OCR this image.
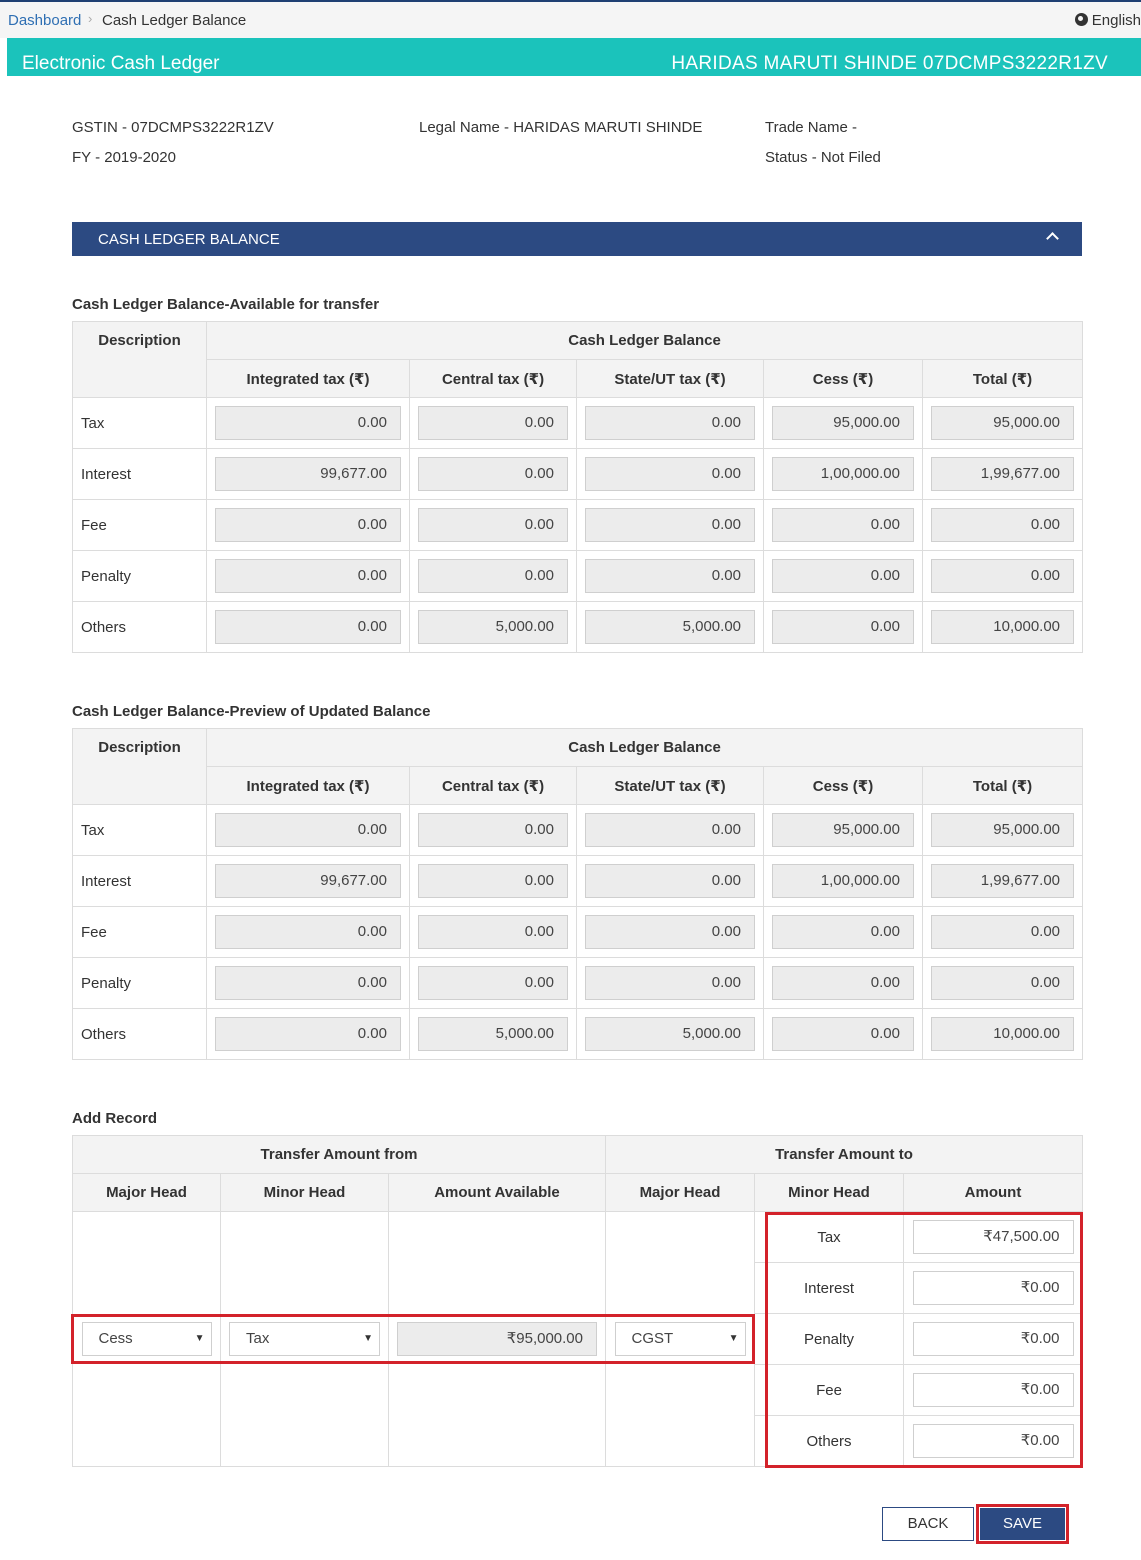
Dashboard › Cash Ledger Balance	English
Electronic Cash Ledger	HARIDAS MARUTI SHINDE 07DCMPS3222R1ZV
GSTIN - 07DCMPS3222R1ZV
FY - 2019-2020
Legal Name - HARIDAS MARUTI SHINDE	Trade Name -
Status - Not Filed
CASH LEDGER BALANCE
Cash Ledger Balance-Available for transfer
Description	Cash Ledger Balance				
	Integrated tax (₹)	Central tax (₹)	State/UT tax (₹)	Cess (₹)	Total (₹)
Tax	0.00	0.00	0.00	95,000.00	95,000.00

Interest	99,677.00	0.00	0.00	1,00,000.00	1,99,677.00

Fee	0.00	0.00	0.00	0.00	0.00

Penalty	0.00	0.00	0.00	0.00	0.00

Others	0.00	5,000.00	5,000.00	0.00	10,000.00
Cash Ledger Balance-Preview of Updated Balance
Description	Cash Ledger Balance				
	Integrated tax (₹)	Central tax (₹)	State/UT tax (₹)	Cess (₹)	Total (₹)
Tax	0.00	0.00	0.00	95,000.00	95,000.00

Interest	99,677.00	0.00	0.00	1,00,000.00	1,99,677.00

Fee	0.00	0.00	0.00	0.00	0.00

Penalty	0.00	0.00	0.00	0.00	0.00

Others	0.00	5,000.00	5,000.00	0.00	10,000.00
Add Record
Transfer Amount from			Transfer Amount to		
Major Head	Minor Head	Amount Available	Major Head	Minor Head	Amount

Cess ▼	Tax ▼	₹95,000.00	CGST ▼	Tax	₹47,500.00

				Interest	₹0.00

				Penalty	₹0.00

				Fee	₹0.00

				Others	₹0.00
BACK	SAVE
